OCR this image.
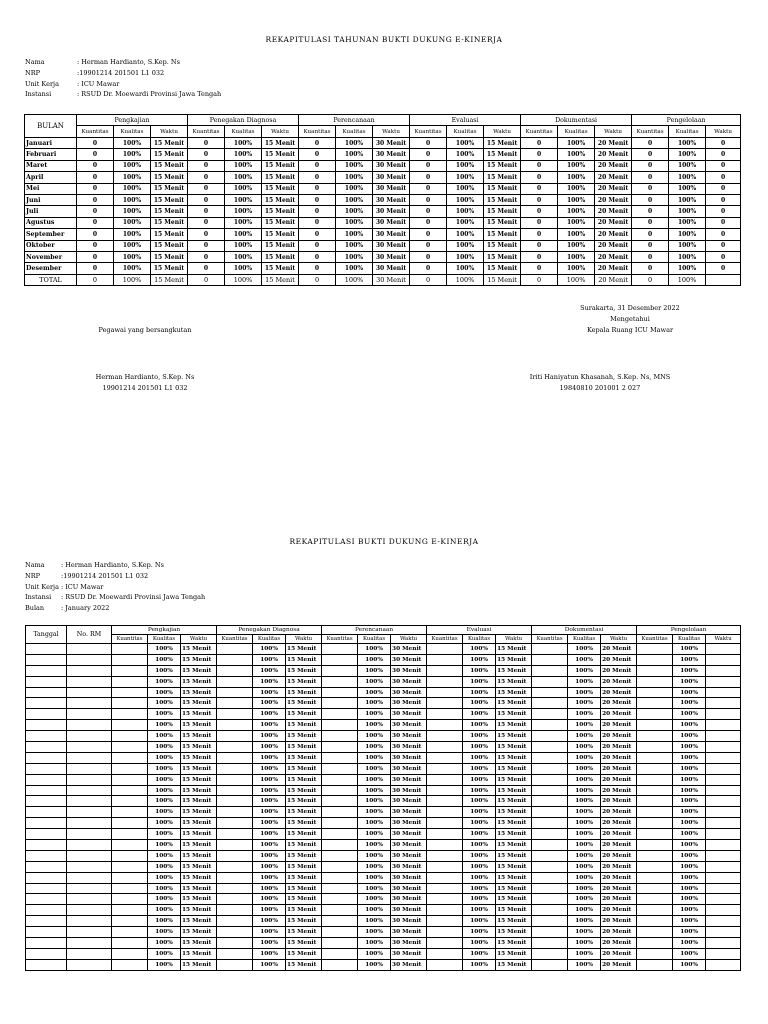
REKAPITULASI TAHUNAN BUKTI DUKUNG E-KINERJA
Nama	: Herman Hardianto, S.Kep. Ns
NRP	:19901214 201501 L1 032
Unit Kerja	: ICU Mawar
Instansi	: RSUD Dr. Moewardi Provinsi Jawa Tengah
BULAN	Pengkajian			Penegakan Diagnosa			Perencanaan			Evaluasi			Dokumentasi			Pengelolaan		
	Kuantitas	Kualitas	Waktu	Kuantitas	Kualitas	Waktu	Kuantitas	Kualitas	Waktu	Kuantitas	Kualitas	Waktu	Kuantitas	Kualitas	Waktu	Kuantitas	Kualitas	Waktu
Januari	0	100%	15 Menit	0	100%	15 Menit	0	100%	30 Menit	0	100%	15 Menit	0	100%	20 Menit	0	100%	0
Februari	0	100%	15 Menit	0	100%	15 Menit	0	100%	30 Menit	0	100%	15 Menit	0	100%	20 Menit	0	100%	0
Maret	0	100%	15 Menit	0	100%	15 Menit	0	100%	30 Menit	0	100%	15 Menit	0	100%	20 Menit	0	100%	0
April	0	100%	15 Menit	0	100%	15 Menit	0	100%	30 Menit	0	100%	15 Menit	0	100%	20 Menit	0	100%	0
Mei	0	100%	15 Menit	0	100%	15 Menit	0	100%	30 Menit	0	100%	15 Menit	0	100%	20 Menit	0	100%	0
Juni	0	100%	15 Menit	0	100%	15 Menit	0	100%	30 Menit	0	100%	15 Menit	0	100%	20 Menit	0	100%	0
Juli	0	100%	15 Menit	0	100%	15 Menit	0	100%	30 Menit	0	100%	15 Menit	0	100%	20 Menit	0	100%	0
Agustus	0	100%	15 Menit	0	100%	15 Menit	0	100%	30 Menit	0	100%	15 Menit	0	100%	20 Menit	0	100%	0
September	0	100%	15 Menit	0	100%	15 Menit	0	100%	30 Menit	0	100%	15 Menit	0	100%	20 Menit	0	100%	0
Oktober	0	100%	15 Menit	0	100%	15 Menit	0	100%	30 Menit	0	100%	15 Menit	0	100%	20 Menit	0	100%	0
November	0	100%	15 Menit	0	100%	15 Menit	0	100%	30 Menit	0	100%	15 Menit	0	100%	20 Menit	0	100%	0
Desember	0	100%	15 Menit	0	100%	15 Menit	0	100%	30 Menit	0	100%	15 Menit	0	100%	20 Menit	0	100%	0
TOTAL	0	100%	15 Menit	0	100%	15 Menit	0	100%	30 Menit	0	100%	15 Menit	0	100%	20 Menit	0	100%	
Surakarta, 31 Desember 2022
Mengetahui
Kepala Ruang ICU Mawar
Pegawai yang bersangkutan
Herman Hardianto, S.Kep. Ns
19901214 201501 L1 032
Iriti Haniyatun Khasanah, S.Kep. Ns, MNS
19840810 201001 2 027
REKAPITULASI BUKTI DUKUNG E-KINERJA
Nama	: Herman Hardianto, S.Kep. Ns
NRP	:19901214 201501 L1 032
Unit Kerja : ICU Mawar
Instansi	: RSUD Dr. Moewardi Provinsi Jawa Tengah
Bulan	: January 2022
Tanggal	No. RM	Pengkajian			Penegakan Diagnosa			Perencanaan			Evaluasi			Dokumentasi			Pengelolaan		
		Kuantitas	Kualitas	Waktu	Kuantitas	Kualitas	Waktu	Kuantitas	Kualitas	Waktu	Kuantitas	Kualitas	Waktu	Kuantitas	Kualitas	Waktu	Kuantitas	Kualitas	Waktu
			100%	15 Menit		100%	15 Menit		100%	30 Menit		100%	15 Menit		100%	20 Menit		100%	
			100%	15 Menit		100%	15 Menit		100%	30 Menit		100%	15 Menit		100%	20 Menit		100%	
			100%	15 Menit		100%	15 Menit		100%	30 Menit		100%	15 Menit		100%	20 Menit		100%	
			100%	15 Menit		100%	15 Menit		100%	30 Menit		100%	15 Menit		100%	20 Menit		100%	
			100%	15 Menit		100%	15 Menit		100%	30 Menit		100%	15 Menit		100%	20 Menit		100%	
			100%	15 Menit		100%	15 Menit		100%	30 Menit		100%	15 Menit		100%	20 Menit		100%	
			100%	15 Menit		100%	15 Menit		100%	30 Menit		100%	15 Menit		100%	20 Menit		100%	
			100%	15 Menit		100%	15 Menit		100%	30 Menit		100%	15 Menit		100%	20 Menit		100%	
			100%	15 Menit		100%	15 Menit		100%	30 Menit		100%	15 Menit		100%	20 Menit		100%	
			100%	15 Menit		100%	15 Menit		100%	30 Menit		100%	15 Menit		100%	20 Menit		100%	
			100%	15 Menit		100%	15 Menit		100%	30 Menit		100%	15 Menit		100%	20 Menit		100%	
			100%	15 Menit		100%	15 Menit		100%	30 Menit		100%	15 Menit		100%	20 Menit		100%	
			100%	15 Menit		100%	15 Menit		100%	30 Menit		100%	15 Menit		100%	20 Menit		100%	
			100%	15 Menit		100%	15 Menit		100%	30 Menit		100%	15 Menit		100%	20 Menit		100%	
			100%	15 Menit		100%	15 Menit		100%	30 Menit		100%	15 Menit		100%	20 Menit		100%	
			100%	15 Menit		100%	15 Menit		100%	30 Menit		100%	15 Menit		100%	20 Menit		100%	
			100%	15 Menit		100%	15 Menit		100%	30 Menit		100%	15 Menit		100%	20 Menit		100%	
			100%	15 Menit		100%	15 Menit		100%	30 Menit		100%	15 Menit		100%	20 Menit		100%	
			100%	15 Menit		100%	15 Menit		100%	30 Menit		100%	15 Menit		100%	20 Menit		100%	
			100%	15 Menit		100%	15 Menit		100%	30 Menit		100%	15 Menit		100%	20 Menit		100%	
			100%	15 Menit		100%	15 Menit		100%	30 Menit		100%	15 Menit		100%	20 Menit		100%	
			100%	15 Menit		100%	15 Menit		100%	30 Menit		100%	15 Menit		100%	20 Menit		100%	
			100%	15 Menit		100%	15 Menit		100%	30 Menit		100%	15 Menit		100%	20 Menit		100%	
			100%	15 Menit		100%	15 Menit		100%	30 Menit		100%	15 Menit		100%	20 Menit		100%	
			100%	15 Menit		100%	15 Menit		100%	30 Menit		100%	15 Menit		100%	20 Menit		100%	
			100%	15 Menit		100%	15 Menit		100%	30 Menit		100%	15 Menit		100%	20 Menit		100%	
			100%	15 Menit		100%	15 Menit		100%	30 Menit		100%	15 Menit		100%	20 Menit		100%	
			100%	15 Menit		100%	15 Menit		100%	30 Menit		100%	15 Menit		100%	20 Menit		100%	
			100%	15 Menit		100%	15 Menit		100%	30 Menit		100%	15 Menit		100%	20 Menit		100%	
			100%	15 Menit		100%	15 Menit		100%	30 Menit		100%	15 Menit		100%	20 Menit		100%	
